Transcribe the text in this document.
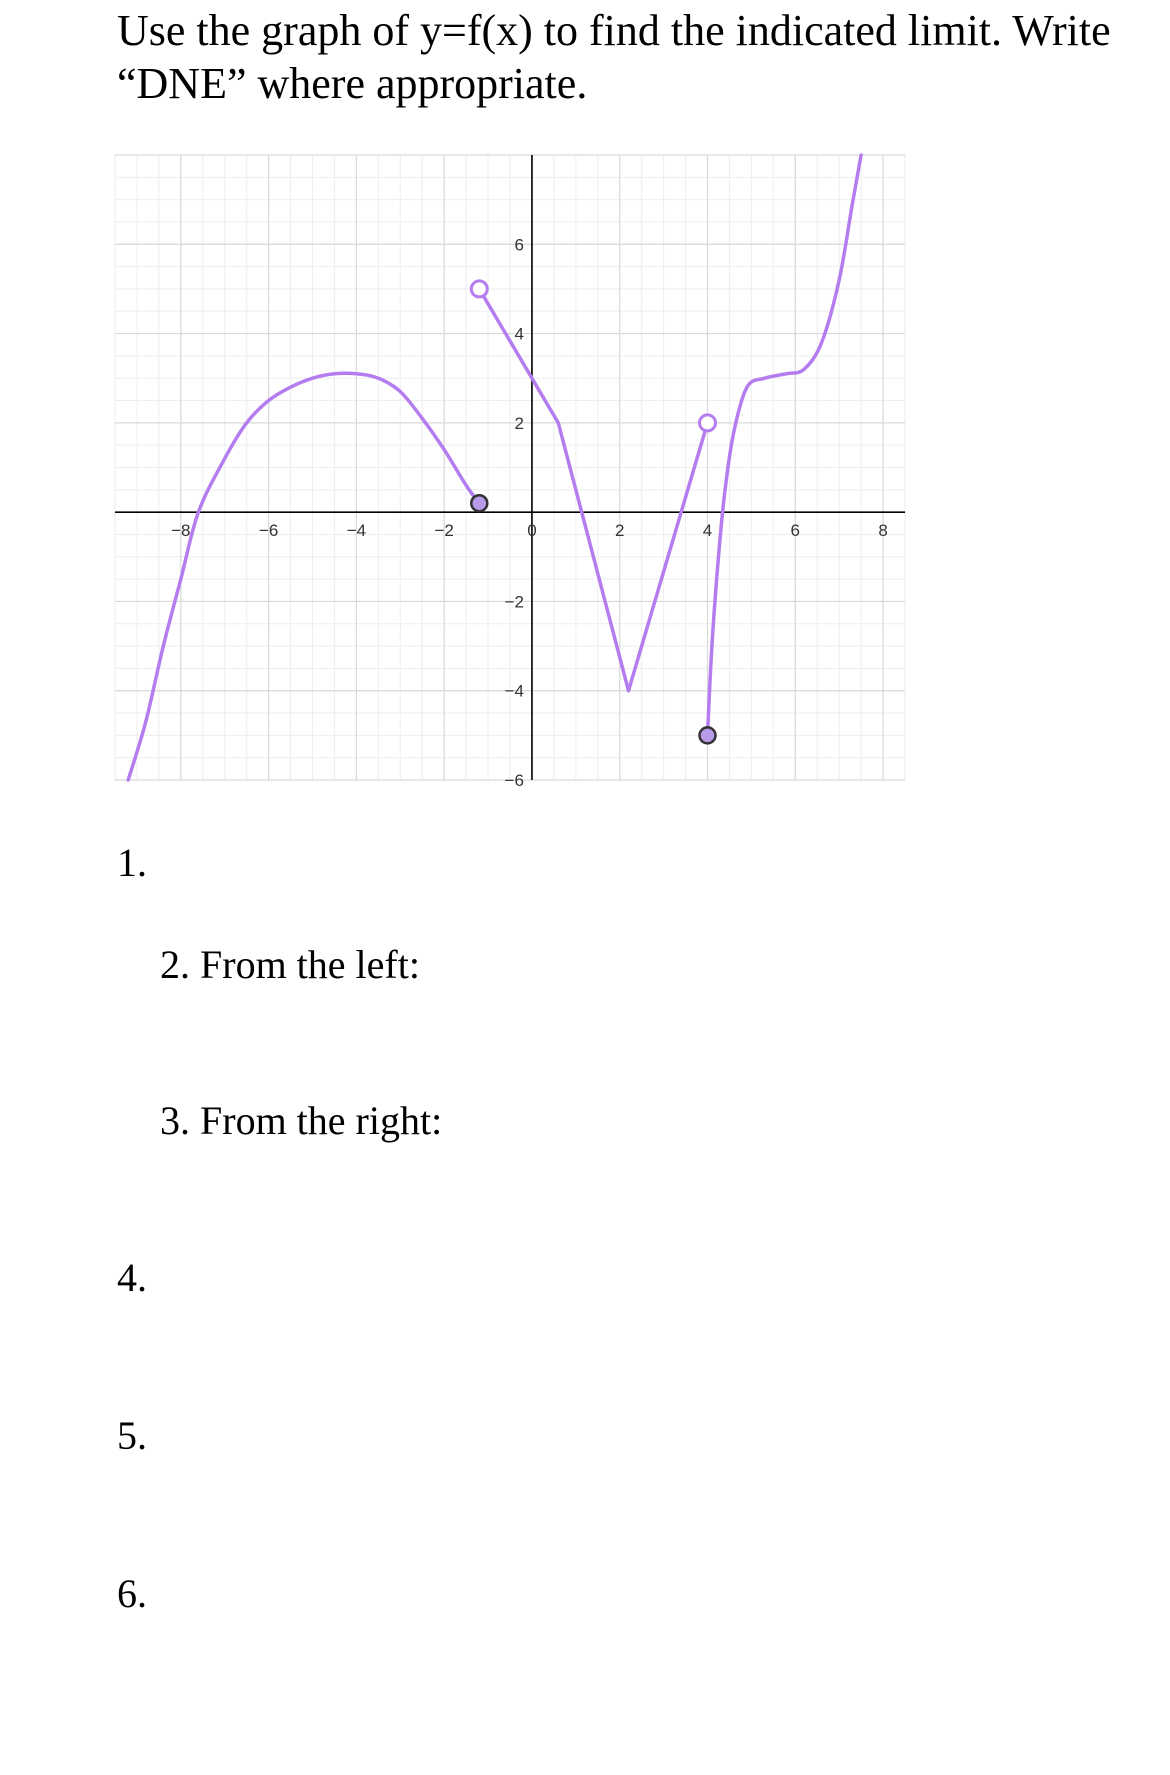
Use the graph of y=f(x) to find the indicated limit. Write
“DNE” where appropriate.
−8	−6	−4	−2	0	2	4	6	8
6
4
2
−2
−4
−6
1.
2. From the left:
3. From the right:
4.
5.
6.
